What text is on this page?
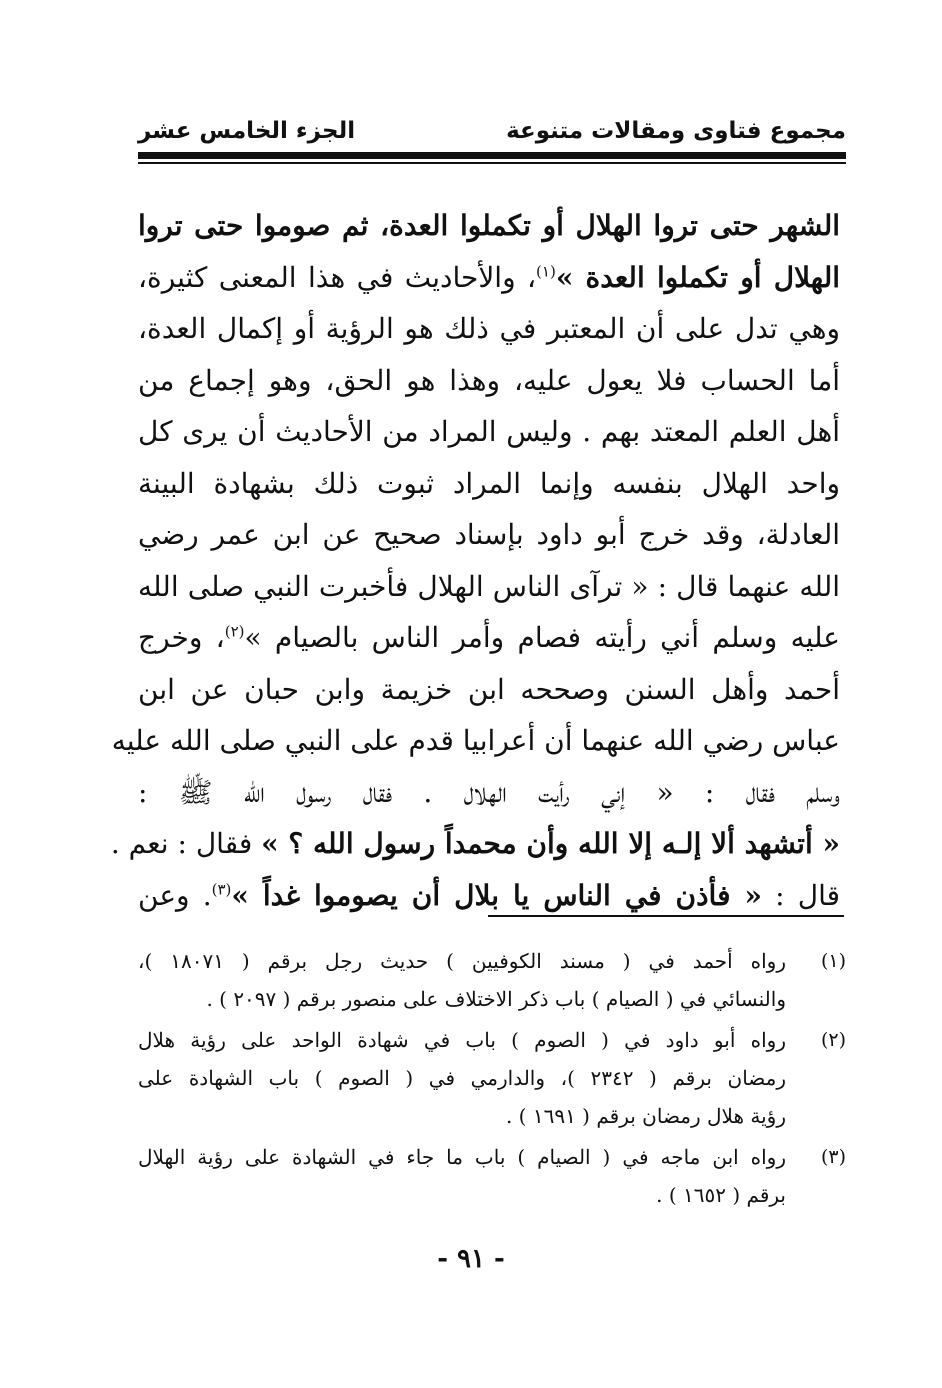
مجموع فتاوى ومقالات متنوعة
الجزء الخامس عشر
الشهر حتى تروا الهلال أو تكملوا العدة، ثم صوموا حتى تروا
الهلال أو تكملوا العدة »$^{(١)}$، والأحاديث في هذا المعنى كثيرة،
وهي تدل على أن المعتبر في ذلك هو الرؤية أو إكمال العدة،
أما الحساب فلا يعول عليه، وهذا هو الحق، وهو إجماع من
أهل العلم المعتد بهم . وليس المراد من الأحاديث أن يرى كل
واحد الهلال بنفسه وإنما المراد ثبوت ذلك بشهادة البينة
العادلة، وقد خرج أبو داود بإسناد صحيح عن ابن عمر رضي
الله عنهما قال : « ترآى الناس الهلال فأخبرت النبي صلى الله
عليه وسلم أني رأيته فصام وأمر الناس بالصيام »$^{(٢)}$، وخرج
أحمد وأهل السنن وصححه ابن خزيمة وابن حبان عن ابن
عباس رضي الله عنهما أن أعرابيا قدم على النبي صلى الله عليه
وسلم فقال : « إني رأيت الهلال . فقال رسول الله ﷺ :
« أتشهد ألا إلـه إلا الله وأن محمداً رسول الله ؟ » فقال : نعم .
قال : « فأذن في الناس يا بلال أن يصوموا غداً »$^{(٣)}$. وعن
(١)
رواه أحمد في ( مسند الكوفيين ) حديث رجل برقم ( ١٨٠٧١ )،
والنسائي في ( الصيام ) باب ذكر الاختلاف على منصور برقم ( ٢٠٩٧ ) .
(٢)
رواه أبو داود في ( الصوم ) باب في شهادة الواحد على رؤية هلال
رمضان برقم ( ٢٣٤٢ )، والدارمي في ( الصوم ) باب الشهادة على
رؤية هلال رمضان برقم ( ١٦٩١ ) .
(٣)
رواه ابن ماجه في ( الصيام ) باب ما جاء في الشهادة على رؤية الهلال
برقم ( ١٦٥٢ ) .
- ٩١ -
